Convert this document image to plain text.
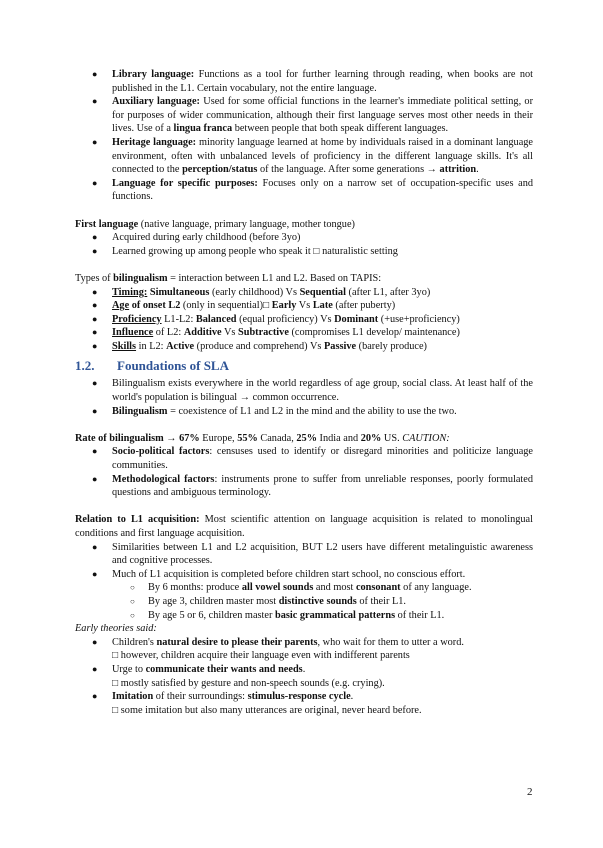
● Library language: Functions as a tool for further learning through reading, when books are not published in the L1. Certain vocabulary, not the entire language.
● Auxiliary language: Used for some official functions in the learner's immediate political setting, or for purposes of wider communication, although their first language serves most other needs in their lives. Use of a lingua franca between people that both speak different languages.
● Heritage language: minority language learned at home by individuals raised in a dominant language environment, often with unbalanced levels of proficiency in the different language skills. It's all connected to the perception/status of the language. After some generations → attrition.
● Language for specific purposes: Focuses only on a narrow set of occupation-specific uses and functions.

First language (native language, primary language, mother tongue)

● Acquired during early childhood (before 3yo)
● Learned growing up among people who speak it □ naturalistic setting

Types of bilingualism = interaction between L1 and L2. Based on TAPIS:

● Timing: Simultaneous (early childhood) Vs Sequential (after L1, after 3yo)
● Age of onset L2 (only in sequential)□ Early Vs Late (after puberty)
● Proficiency L1-L2: Balanced (equal proficiency) Vs Dominant (+use+proficiency)
● Influence of L2: Additive Vs Subtractive (compromises L1 develop/ maintenance)
● Skills in L2: Active (produce and comprehend) Vs Passive (barely produce)
1.2.	Foundations of SLA
● Bilingualism exists everywhere in the world regardless of age group, social class. At least half of the world's population is bilingual → common occurrence.
● Bilingualism = coexistence of L1 and L2 in the mind and the ability to use the two.

Rate of bilingualism → 67% Europe, 55% Canada, 25% India and 20% US. CAUTION:

● Socio-political factors: censuses used to identify or disregard minorities and politicize language communities.
● Methodological factors: instruments prone to suffer from unreliable responses, poorly formulated questions and ambiguous terminology.

Relation to L1 acquisition: Most scientific attention on language acquisition is related to monolingual conditions and first language acquisition.

● Similarities between L1 and L2 acquisition, BUT L2 users have different metalinguistic awareness and cognitive processes.
● Much of L1 acquisition is completed before children start school, no conscious effort.
○ By 6 months: produce all vowel sounds and most consonant of any language.
○ By age 3, children master most distinctive sounds of their L1.
○ By age 5 or 6, children master basic grammatical patterns of their L1.

Early theories said:

● Children's natural desire to please their parents, who wait for them to utter a word.
□ however, children acquire their language even with indifferent parents
● Urge to communicate their wants and needs.
□ mostly satisfied by gesture and non-speech sounds (e.g. crying).
● Imitation of their surroundings: stimulus-response cycle.
□ some imitation but also many utterances are original, never heard before.
2
